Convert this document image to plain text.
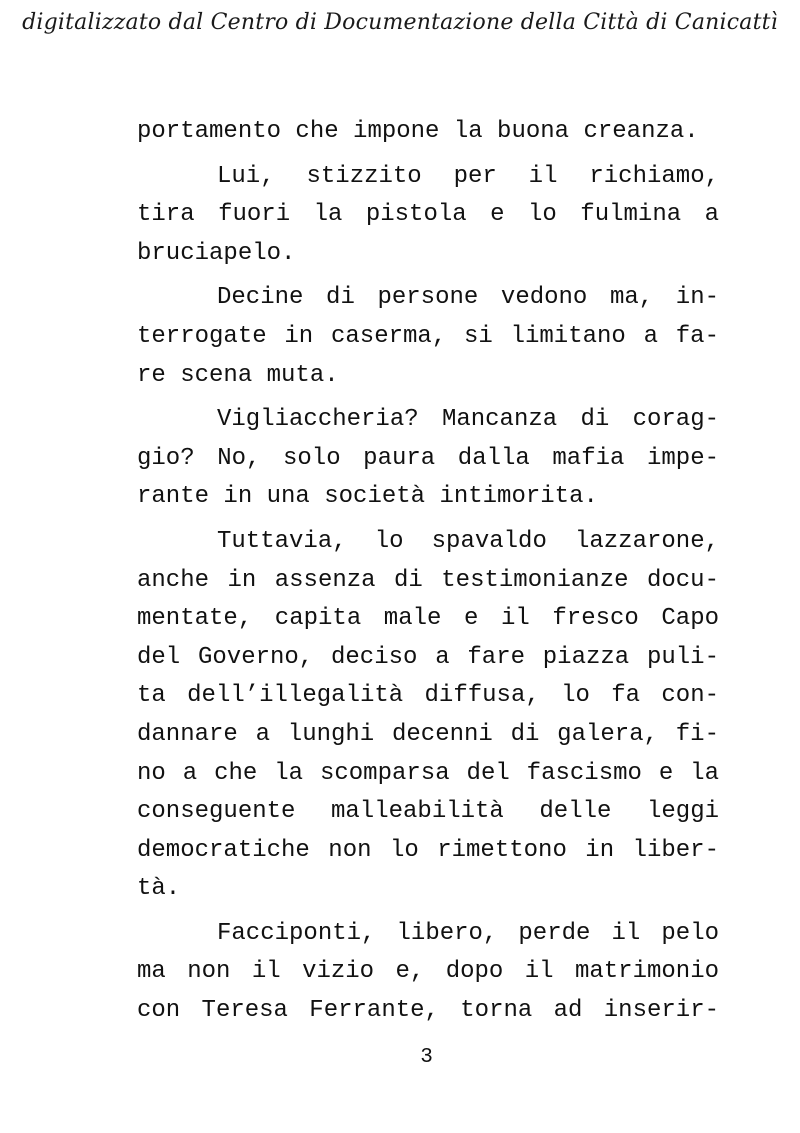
digitalizzato dal Centro di Documentazione della Città di Canicattì
portamento che impone la buona creanza.
Lui, stizzito per il richiamo,
tira fuori la pistola e lo fulmina a
bruciapelo.
Decine di persone vedono ma, in-
terrogate in caserma, si limitano a fa-
re scena muta.
Vigliaccheria? Mancanza di corag-
gio? No, solo paura dalla mafia impe-
rante in una società intimorita.
Tuttavia, lo spavaldo lazzarone,
anche in assenza di testimonianze docu-
mentate, capita male e il fresco Capo
del Governo, deciso a fare piazza puli-
ta dell’illegalità diffusa, lo fa con-
dannare a lunghi decenni di galera, fi-
no a che la scomparsa del fascismo e la
conseguente malleabilità delle leggi
democratiche non lo rimettono in liber-
tà.
Facciponti, libero, perde il pelo
ma non il vizio e, dopo il matrimonio
con Teresa Ferrante, torna ad inserir-
3
